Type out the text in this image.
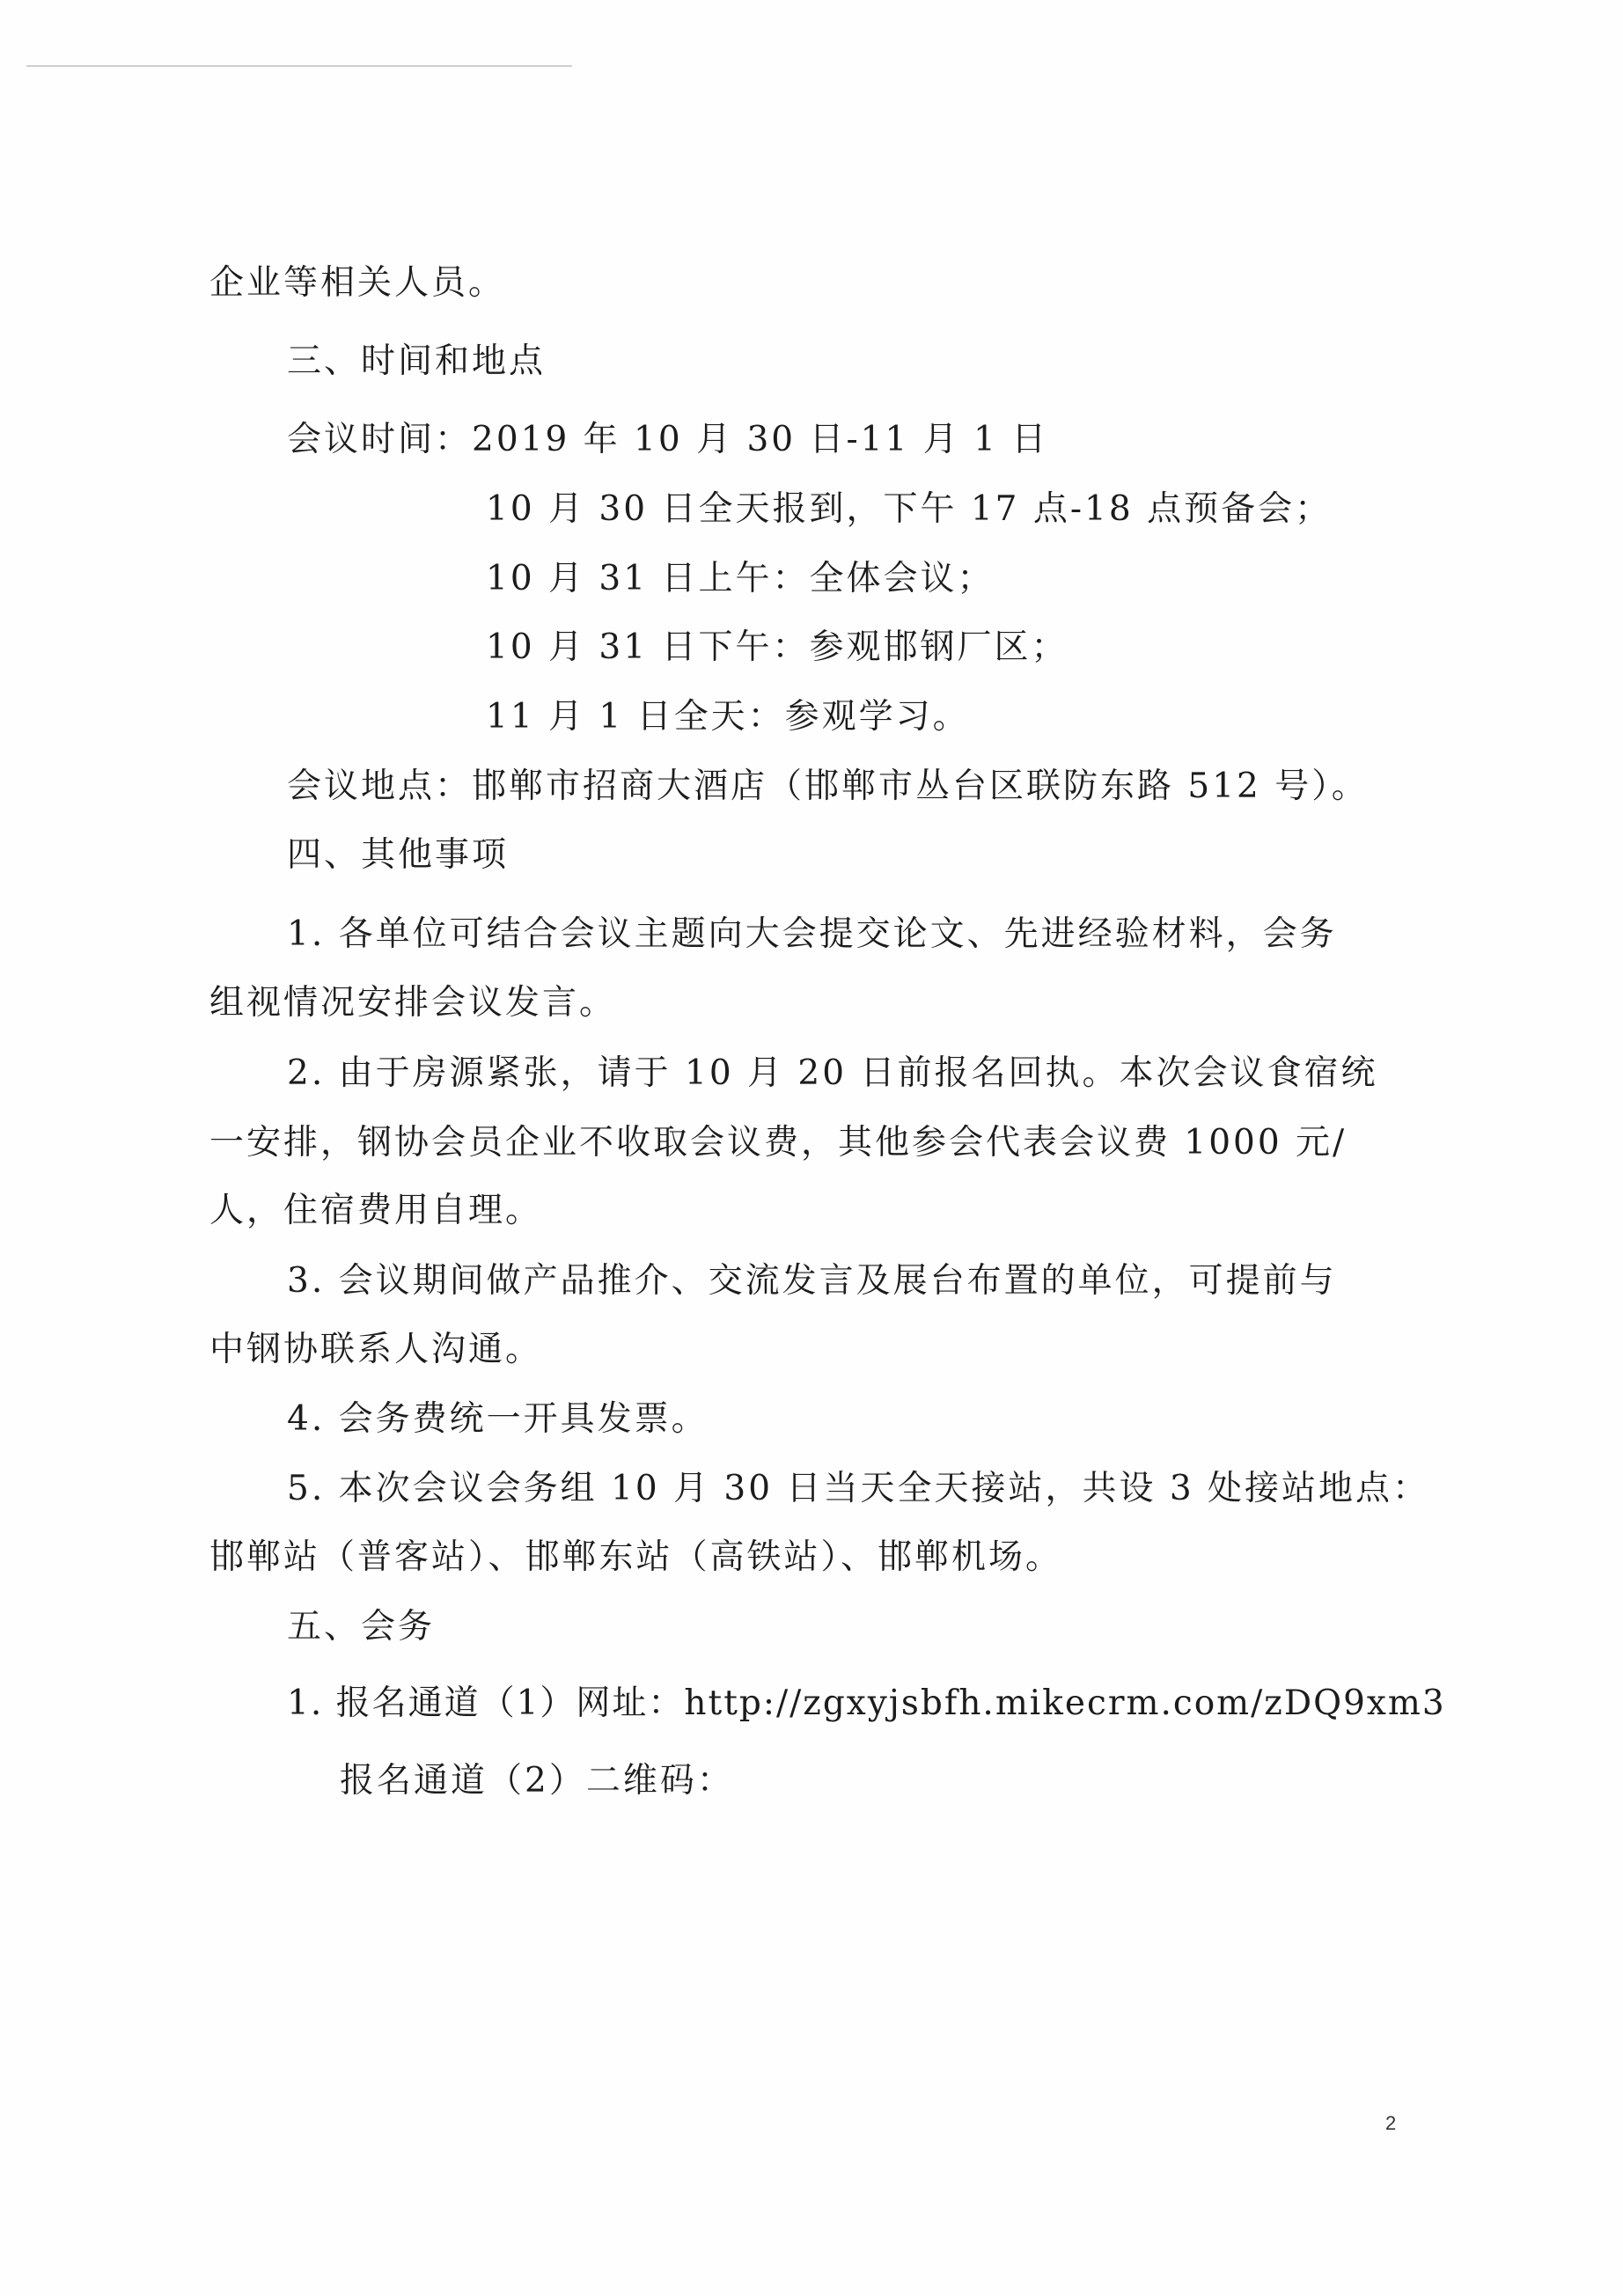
企业等相关人员。
三、时间和地点
会议时间：2019 年 10 月 30 日-11 月 1 日
10 月 30 日全天报到，下午 17 点-18 点预备会；
10 月 31 日上午：全体会议；
10 月 31 日下午：参观邯钢厂区；
11 月 1 日全天：参观学习。
会议地点：邯郸市招商大酒店（邯郸市丛台区联防东路 512 号）。
四、其他事项
1. 各单位可结合会议主题向大会提交论文、先进经验材料，会务
组视情况安排会议发言。
2. 由于房源紧张，请于 10 月 20 日前报名回执。本次会议食宿统
一安排，钢协会员企业不收取会议费，其他参会代表会议费 1000 元/
人，住宿费用自理。
3. 会议期间做产品推介、交流发言及展台布置的单位，可提前与
中钢协联系人沟通。
4. 会务费统一开具发票。
5. 本次会议会务组 10 月 30 日当天全天接站，共设 3 处接站地点：
邯郸站（普客站）、邯郸东站（高铁站）、邯郸机场。
五、会务
1. 报名通道（1）网址：http://zgxyjsbfh.mikecrm.com/zDQ9xm3
报名通道（2）二维码：
2
